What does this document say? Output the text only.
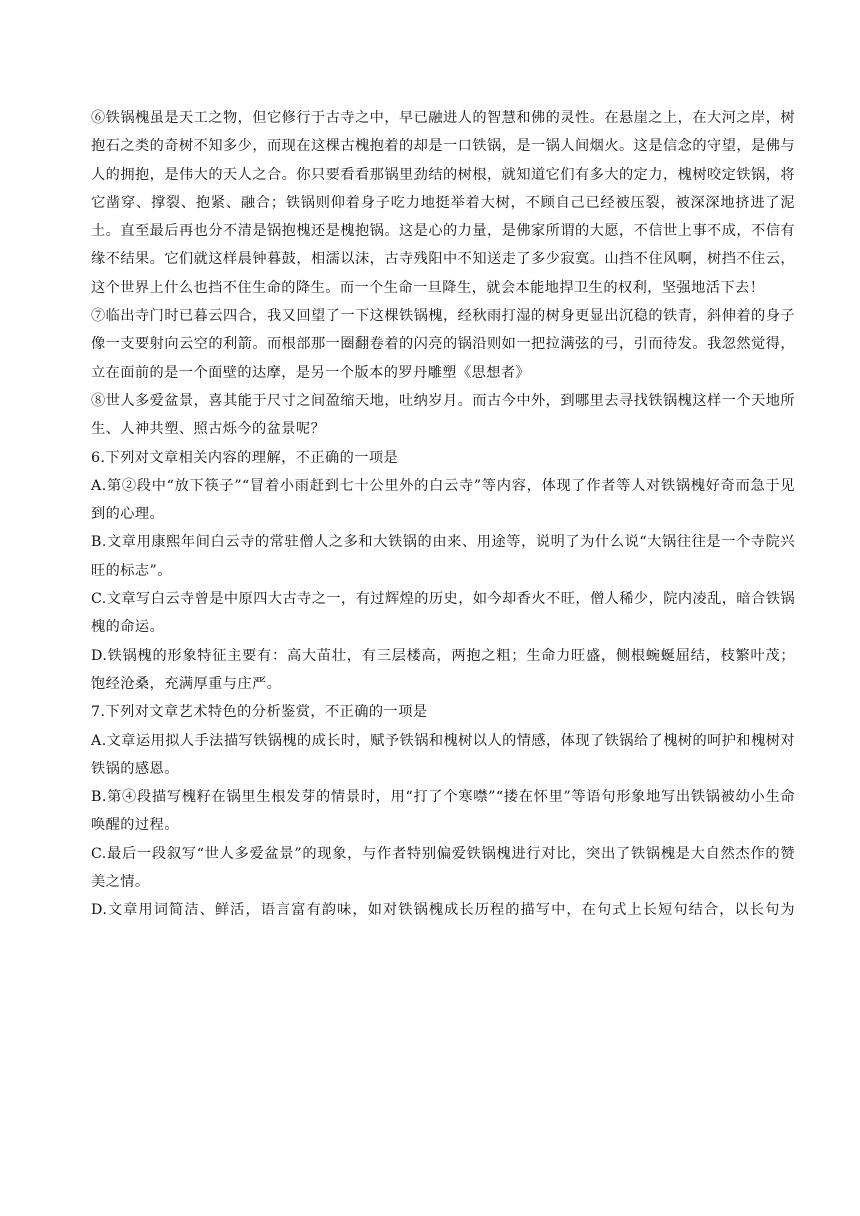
⑥铁锅槐虽是天工之物，但它修行于古寺之中，早已融进人的智慧和佛的灵性。在悬崖之上，在大河之岸，树抱石之类的奇树不知多少，而现在这棵古槐抱着的却是一口铁锅，是一锅人间烟火。这是信念的守望，是佛与人的拥抱，是伟大的天人之合。你只要看看那锅里劲结的树根，就知道它们有多大的定力，槐树咬定铁锅，将它凿穿、撑裂、抱紧、融合；铁锅则仰着身子吃力地挺举着大树，不顾自己已经被压裂，被深深地挤进了泥土。直至最后再也分不清是锅抱槐还是槐抱锅。这是心的力量，是佛家所谓的大愿，不信世上事不成，不信有缘不结果。它们就这样晨钟暮鼓，相濡以沫，古寺残阳中不知送走了多少寂寞。山挡不住风啊，树挡不住云，这个世界上什么也挡不住生命的降生。而一个生命一旦降生，就会本能地捍卫生的权利，坚强地活下去！

⑦临出寺门时已暮云四合，我又回望了一下这棵铁锅槐，经秋雨打湿的树身更显出沉稳的铁青，斜伸着的身子像一支要射向云空的利箭。而根部那一圈翻卷着的闪亮的锅沿则如一把拉满弦的弓，引而待发。我忽然觉得，立在面前的是一个面壁的达摩，是另一个版本的罗丹雕塑《思想者》

⑧世人多爱盆景，喜其能于尺寸之间盈缩天地，吐纳岁月。而古今中外，到哪里去寻找铁锅槐这样一个天地所生、人神共塑、照古烁今的盆景呢？

6.下列对文章相关内容的理解，不正确的一项是

A.第②段中“放下筷子”“冒着小雨赶到七十公里外的白云寺”等内容，体现了作者等人对铁锅槐好奇而急于见到的心理。

B.文章用康熙年间白云寺的常驻僧人之多和大铁锅的由来、用途等，说明了为什么说“大锅往往是一个寺院兴旺的标志”。

C.文章写白云寺曾是中原四大古寺之一，有过辉煌的历史，如今却香火不旺，僧人稀少，院内凌乱，暗合铁锅槐的命运。

D.铁锅槐的形象特征主要有：高大苗壮，有三层楼高，两抱之粗；生命力旺盛，侧根蜿蜒屈结，枝繁叶茂；饱经沧桑，充满厚重与庄严。

7.下列对文章艺术特色的分析鉴赏，不正确的一项是

A.文章运用拟人手法描写铁锅槐的成长时，赋予铁锅和槐树以人的情感，体现了铁锅给了槐树的呵护和槐树对铁锅的感恩。

B.第④段描写槐籽在锅里生根发芽的情景时，用“打了个寒噤”“搂在怀里”等语句形象地写出铁锅被幼小生命唤醒的过程。

C.最后一段叙写“世人多爱盆景”的现象，与作者特别偏爱铁锅槐进行对比，突出了铁锅槐是大自然杰作的赞美之情。

D.文章用词简洁、鲜活，语言富有韵味，如对铁锅槐成长历程的描写中，在句式上长短句结合，以长句为
